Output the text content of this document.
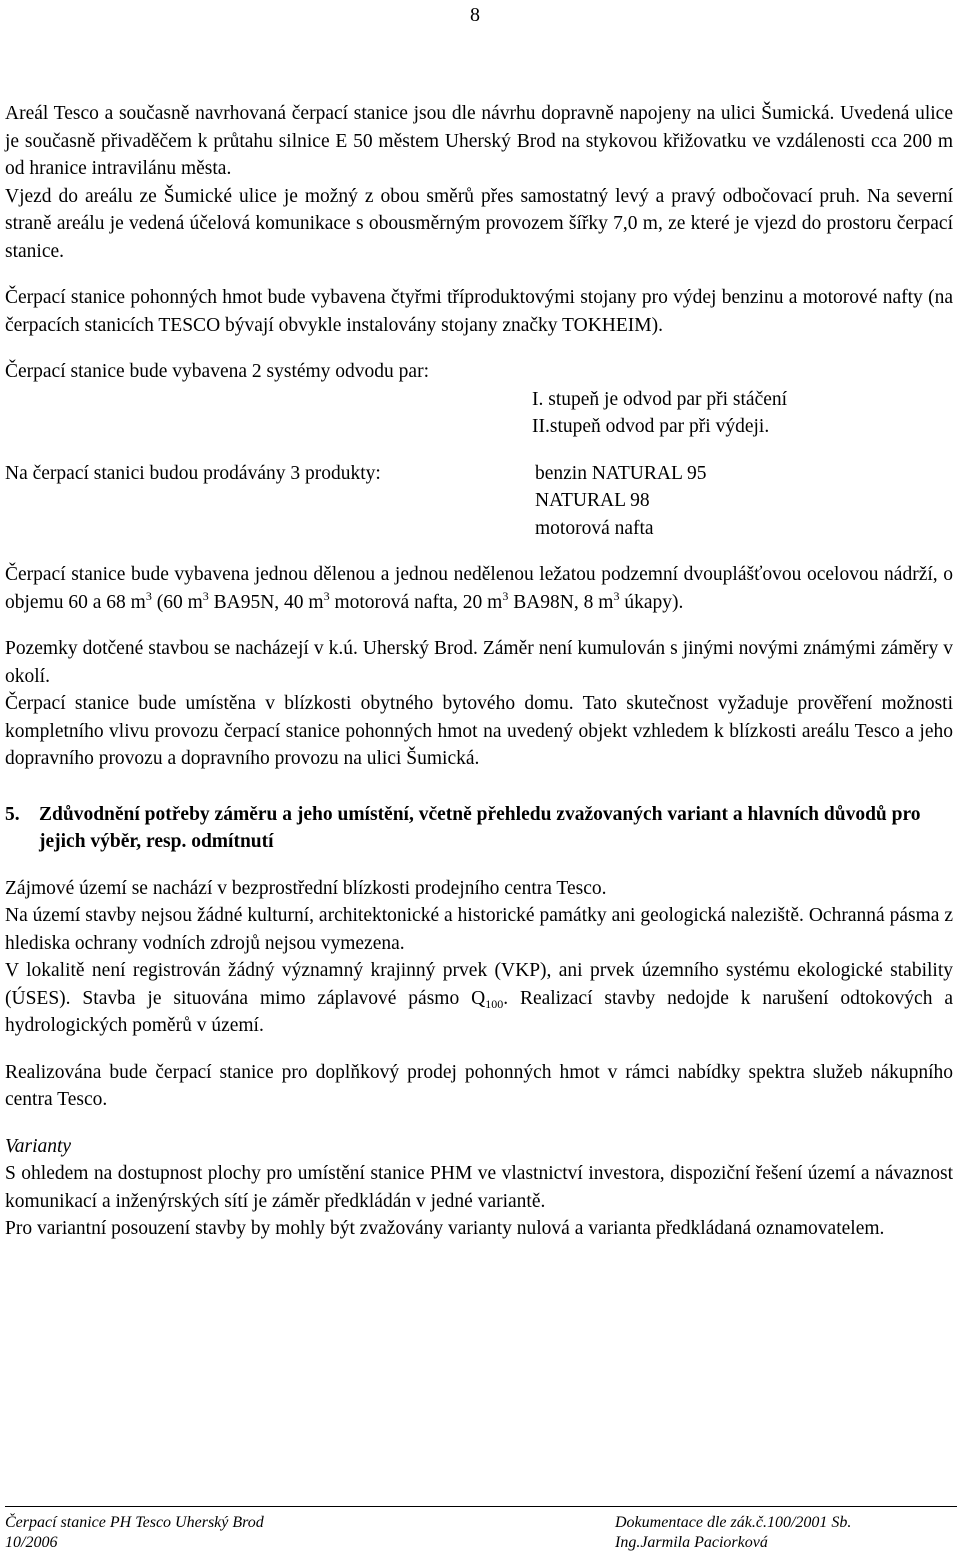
8

Areál Tesco a současně navrhovaná čerpací stanice jsou dle návrhu dopravně napojeny na ulici Šumická. Uvedená ulice je současně přivaděčem k průtahu silnice E 50 městem Uherský Brod na stykovou křižovatku ve vzdálenosti cca 200 m od hranice intravilánu města.

Vjezd do areálu ze Šumické ulice je možný z obou směrů přes samostatný levý a pravý odbočovací pruh. Na severní straně areálu je vedená účelová komunikace s obousměrným provozem šířky 7,0 m, ze které je vjezd do prostoru čerpací stanice.

Čerpací stanice pohonných hmot bude vybavena čtyřmi tříproduktovými stojany pro výdej benzinu a motorové nafty (na čerpacích stanicích TESCO bývají obvykle instalovány stojany značky TOKHEIM).

Čerpací stanice bude vybavena 2 systémy odvodu par:

I. stupeň je odvod par při stáčení
II.stupeň odvod par při výdeji.
Na čerpací stanici budou prodávány 3 produkty:	benzin NATURAL 95
NATURAL 98
motorová nafta

Čerpací stanice bude vybavena jednou dělenou a jednou nedělenou ležatou podzemní dvouplášťovou ocelovou nádrží, o objemu 60 a 68 $m^3$ (60 $m^3$ BA95N, 40 $m^3$ motorová nafta, 20 $m^3$ BA98N, 8 $m^3$ úkapy).

Pozemky dotčené stavbou se nacházejí v k.ú. Uherský Brod. Záměr není kumulován s jinými novými známými záměry v okolí.

Čerpací stanice bude umístěna v blízkosti obytného bytového domu. Tato skutečnost vyžaduje prověření možnosti kompletního vlivu provozu čerpací stanice pohonných hmot na uvedený objekt vzhledem k blízkosti areálu Tesco a jeho dopravního provozu a dopravního provozu na ulici Šumická.

5. Zdůvodnění potřeby záměru a jeho umístění, včetně přehledu zvažovaných variant a hlavních důvodů pro jejich výběr, resp. odmítnutí

Zájmové území se nachází v bezprostřední blízkosti prodejního centra Tesco.

Na území stavby nejsou žádné kulturní, architektonické a historické památky ani geologická naleziště. Ochranná pásma z hlediska ochrany vodních zdrojů nejsou vymezena.

V lokalitě není registrován žádný významný krajinný prvek (VKP), ani prvek územního systému ekologické stability (ÚSES). Stavba je situována mimo záplavové pásmo $Q_{100}$. Realizací stavby nedojde k narušení odtokových a hydrologických poměrů v území.

Realizována bude čerpací stanice pro doplňkový prodej pohonných hmot v rámci nabídky spektra služeb nákupního centra Tesco.

Varianty

S ohledem na dostupnost plochy pro umístění stanice PHM ve vlastnictví investora, dispoziční řešení území a návaznost komunikací a inženýrských sítí je záměr předkládán v jedné variantě.

Pro variantní posouzení stavby by mohly být zvažovány varianty nulová a varianta předkládaná oznamovatelem.

Čerpací stanice PH Tesco Uherský Brod	Dokumentace dle zák.č.100/2001 Sb.
10/2006	Ing.Jarmila Paciorková
